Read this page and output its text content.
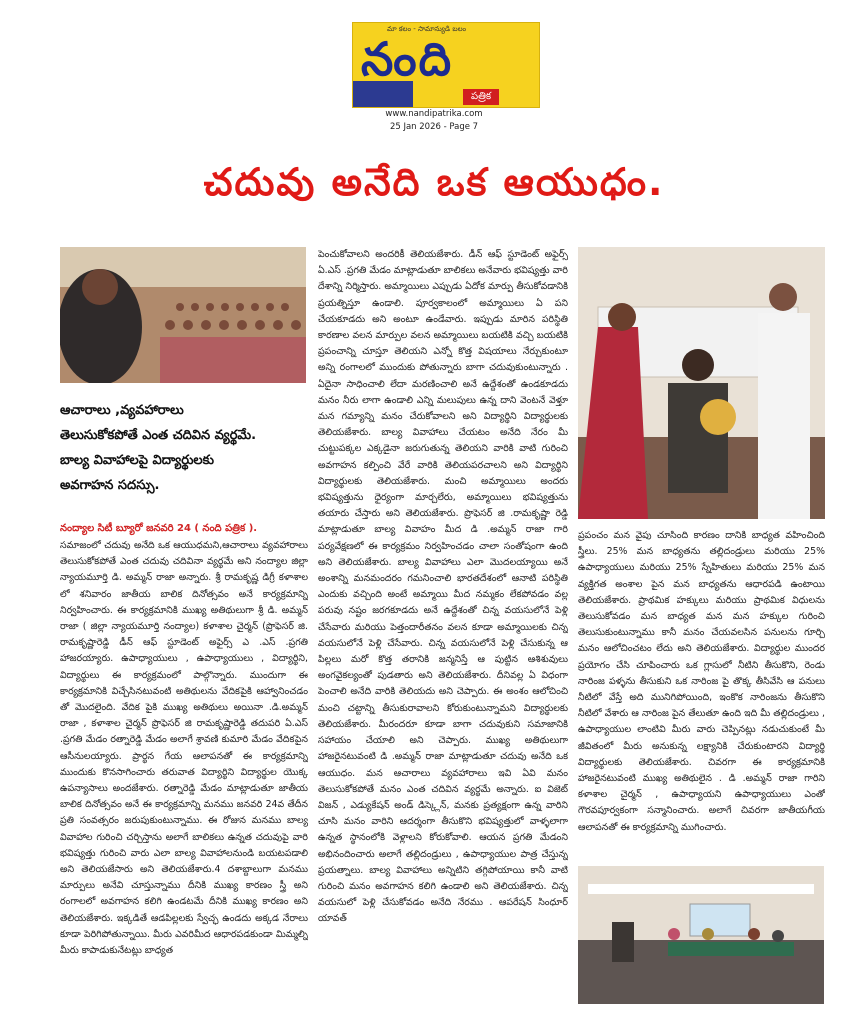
మా కలం - సామాన్యుడి బలం
నంది
పత్రిక
www.nandipatrika.com
25 Jan 2026 - Page 7
చదువు అనేది ఒక ఆయుధం.
ఆచారాలు ,వ్యవహారాలు
తెలుసుకోకపోతే ఎంత చదివిన వ్యర్థమే.
బాల్య వివాహాలపై విద్యార్థులకు
అవగాహన సదస్సు.
నంద్యాల సిటీ బ్యూరో జనవరి 24 ( నంది పత్రిక ).
సమాజంలో చదువు అనేది ఒక ఆయుధమని,ఆచారాలు వ్యవహారాలు తెలుసుకోకపోతే ఎంత చదువు చదివినా వ్యర్థమే అని నంద్యాల జిల్లా న్యాయమూర్తి డి. అమ్మన్ రాజా అన్నారు. శ్రీ రామకృష్ణ డిగ్రీ కళాశాల లో శనివారం జాతీయ బాలిక దినోత్సవం అనే కార్యక్రమాన్ని నిర్వహించారు. ఈ కార్యక్రమానికి ముఖ్య అతిథులుగా శ్రీ డి. అమ్మన్ రాజా ( జిల్లా న్యాయమూర్తి నంద్యాల) కళాశాల చైర్మన్ (ప్రొఫెసర్ జి. రామకృష్ణారెడ్డి డీన్ ఆఫ్ స్టూడెంట్ అఫైర్స్ ఎ .ఎస్ .ప్రగతి హాజరయ్యారు. ఉపాధ్యాయులు , ఉపాధ్యాయులు , విద్యార్థిని, విద్యార్థులు ఈ కార్యక్రమంలో పాల్గొన్నారు. ముందుగా ఈ కార్యక్రమానికి విచ్చేసినటువంటి అతిథులను వేదికపైకి ఆహ్వానించడం తో మొదలైంది. వేదిక పైకి ముఖ్య అతిథులు అయినా .డి.అమ్మన్ రాజా , కళాశాల చైర్మన్ ప్రొఫెసర్ జి రామకృష్ణారెడ్డి తదుపరి ఏ.ఎస్ .ప్రగతి మేడం రత్నారెడ్డి మేడం అలాగే శ్రావణి కుమారి మేడం వేదికపైన ఆసీనులయ్యారు. ప్రార్థన గేయ ఆలాపనతో ఈ కార్యక్రమాన్ని ముందుకు కొనసాగించారు తరువాత విద్యార్థిని విద్యార్థుల యొక్క ఉపన్యాసాలు అందజేశారు. రత్నారెడ్డి మేడం మాట్లాడుతూ జాతీయ బాలిక దినోత్సవం అనే ఈ కార్యక్రమాన్ని మనము జనవరి 24వ తేదీన ప్రతి సంవత్సరం జరుపుకుంటున్నాము. ఈ రోజున మనము బాల్య వివాహాల గురించి చర్చిస్తాను అలాగే బాలికలు ఉన్నత చదువుపై వారి భవిష్యత్తు గురించి వారు ఎలా బాల్య వివాహాలనుండి బయటపడాలి అని తెలియజేసారు అని తెలియజేశారు.4 దశాబ్దాలుగా మనము మార్పులు అనేవి చూస్తున్నాము దీనికి ముఖ్య కారణం స్త్రీ అని రంగాలలో అవగాహన కలిగి ఉండటమే దీనికి ముఖ్య కారణం అని తెలియజేశారు. ఇక్కడితే ఆడపిల్లలకు స్వేచ్ఛ ఉండదు అక్కడ నేరాలు కూడా పెరిగిపోతున్నాయి. మీరు ఎవరిమీద ఆధారపడకుండా మిమ్మల్ని మీరు కాపాడుకునేటట్లు బాధ్యత
పెంచుకోవాలని అందరికీ తెలియజేశారు. డీన్ ఆఫ్ స్టూడెంట్ అఫైర్స్ ఏ.ఎస్ .ప్రగతి మేడం మాట్లాడుతూ బాలికలు అనేవారు భవిష్యత్తు వారి దేశాన్ని నిర్మిస్తారు. అమ్మాయిలు ఎప్పుడు ఏదోక మార్పు తీసుకోవడానికి ప్రయత్నిస్తూ ఉండాలి. పూర్వకాలంలో అమ్మాయిలు ఏ పని చేయకూడదు అని అంటూ ఉండేవారు. ఇప్పుడు మారిన పరిస్థితి కారణాల వలన మార్పుల వలన అమ్మాయిలు బయటికి వచ్చి బయటికి ప్రపంచాన్ని చూస్తూ తెలియని ఎన్నో కొత్త విషయాలు నేర్చుకుంటూ అన్ని రంగాలలో ముందుకు పోతున్నారు బాగా చదువుకుంటున్నారు . ఏదైనా సాధించాలి లేదా మరణించాలి అనే ఉద్దేశంతో ఉండకూడదు మనం నీరు లాగా ఉండాలి ఎన్ని మలుపులు ఉన్న దాని వెంటనే వెళ్తూ మన గమ్యాన్ని మనం చేరుకోవాలని అని విద్యార్థిని విద్యార్థులకు తెలియజేశారు. బాల్య వివాహాలు చేయటం అనేది నేరం మీ చుట్టుపక్కల ఎక్కడైనా జరుగుతున్న తెలియని వారికి వాటి గురించి అవగాహన కల్పించి వేరే వారికి తెలియపరచాలని అని విద్యార్థిని విద్యార్థులకు తెలియజేశారు. మంచి అమ్మాయిలు అందరు భవిష్యత్తును ధైర్యంగా మార్చలేరు, అమ్మాయిలు భవిష్యత్తును తయారు చేస్తారు అని తెలియజేశారు. ప్రొఫెసర్ జి .రామకృష్ణా రెడ్డి మాట్లాడుతూ బాల్య వివాహం మీద డి .అమ్మన్ రాజా గారి పర్యవేక్షణలో ఈ కార్యక్రమం నిర్వహించడం చాలా సంతోషంగా ఉంది అని తెలియజేశారు. బాల్య వివాహాలు ఎలా మొదలయ్యాయి అనే అంశాన్ని మనమందరం గమనించాలి భారతదేశంలో ఆనాటి పరిస్థితి ఎందుకు వచ్చింది అంటే అమ్మాయి మీద నమ్మకం లేకపోవడం వల్ల పరువు నష్టం జరగకూడదు అనే ఉద్దేశంతో చిన్న వయసులోనే పెళ్లి చేసేవారు మరియు పెత్తందారీతనం వలన కూడా అమ్మాయిలకు చిన్న వయసులోనే పెళ్లి చేసేవారు. చిన్న వయసులోనే పెళ్లి చేసుకున్న ఆ పిల్లలు మరో కొత్త తరానికి జన్మనిస్తే ఆ పుట్టిన ఆశిశువులు అంగవైకల్యంతో పుడతారు అని తెలియజేశారు. దీనివల్ల ఏ విధంగా పెంచాలి అనేది వారికి తెలియదు అని చెప్పారు. ఈ అంశం ఆలోచించి మంచి చట్టాన్ని తీసుకురావాలని కోరుకుంటున్నామని విద్యార్థులకు తెలియజేశారు. మీరందరూ కూడా బాగా చదువుకుని సమాజానికి సహాయం చేయాలి అని చెప్పారు. ముఖ్య అతిథులుగా హాజరైనటువంటి డి .అమ్మన్ రాజా మాట్లాడుతూ చదువు అనేది ఒక ఆయుధం. మన ఆచారాలు వ్యవహారాలు ఇవి ఏవి మనం తెలుసుకోకపోతే మనం ఎంత చదివిన వ్యర్థమే అన్నారు. ఐ విజెట్ విజన్ , ఎడ్యుకేషన్ అండ్ డిస్క్లెన్, మనకు ప్రత్యక్షంగా ఉన్న వారిని చూసి మనం వారిని ఆదర్శంగా తీసుకొని భవిష్యత్తులో వాళ్ళలాగా ఉన్నత స్థానంలోకి వెళ్లాలని కోరుకోవాలి. ఆయన ప్రగతి మేడంని అభినందించారు అలాగే తల్లిదండ్రులు , ఉపాధ్యాయుల పాత్ర చేస్తున్న ప్రయత్నాలు. బాల్య వివాహాలు అన్నిటిని తగ్గిపోయాయి కానీ వాటి గురించి మనం అవగాహన కలిగి ఉండాలి అని తెలియజేశారు. చిన్న వయసులో పెళ్లి చేసుకోవడం అనేది నేరము . ఆపరేషన్ సింధూర్ యావత్
ప్రపంచం మన వైపు చూసింది కారణం దానికి బాధ్యత వహించింది స్త్రీలు. 25% మన బాధ్యతను తల్లిదండ్రులు మరియు 25% ఉపాధ్యాయులు మరియు 25% స్నేహితులు మరియు 25% మన వ్యక్తిగత అంశాల పైన మన బాధ్యతను ఆధారపడి ఉంటాయి తెలియజేశారు. ప్రాథమిక హక్కులు మరియు ప్రాథమిక విధులను తెలుసుకోవడం మన బాధ్యత మన మన హక్కుల గురించి తెలుసుకుంటున్నాము కానీ మనం చేయవలసిన పనులను గూర్చి మనం ఆలోచించటం లేదు అని తెలియజేశారు. విద్యార్థుల ముందర ప్రయోగం చేసి చూపించారు ఒక గ్లాసులో నీటిని తీసుకొని, రెండు నారింజ పళ్ళను తీసుకుని ఒక నారింజ పై తొక్క తీసివేసి ఆ పనులు నీటిలో వేస్తే అది మునిగిపోయింది, ఇంకొక నారింజను తీసుకొని నీటిలో వేశారు ఆ నారింజ పైన తేలుతూ ఉంది ఇది మీ తల్లిదండ్రులు , ఉపాధ్యాయుల లాంటివి మీరు వారు చెప్పినట్లు నడుచుకుంటే మీ జీవితంలో మీరు అనుకున్న లక్ష్యానికి చేరుకుంటారని విద్యార్థి విద్యార్థులకు తెలియజేశారు. చివరగా ఈ కార్యక్రమానికి హాజరైనటువంటి ముఖ్య అతిథులైన . డి .అమ్మన్ రాజా గారిని కళాశాల చైర్మన్ , ఉపాధ్యాయని ఉపాధ్యాయులు ఎంతో గౌరవపూర్వకంగా సన్మానించారు. అలాగే చివరగా జాతీయగీయ ఆలాపనతో ఈ కార్యక్రమాన్ని ముగించారు.
